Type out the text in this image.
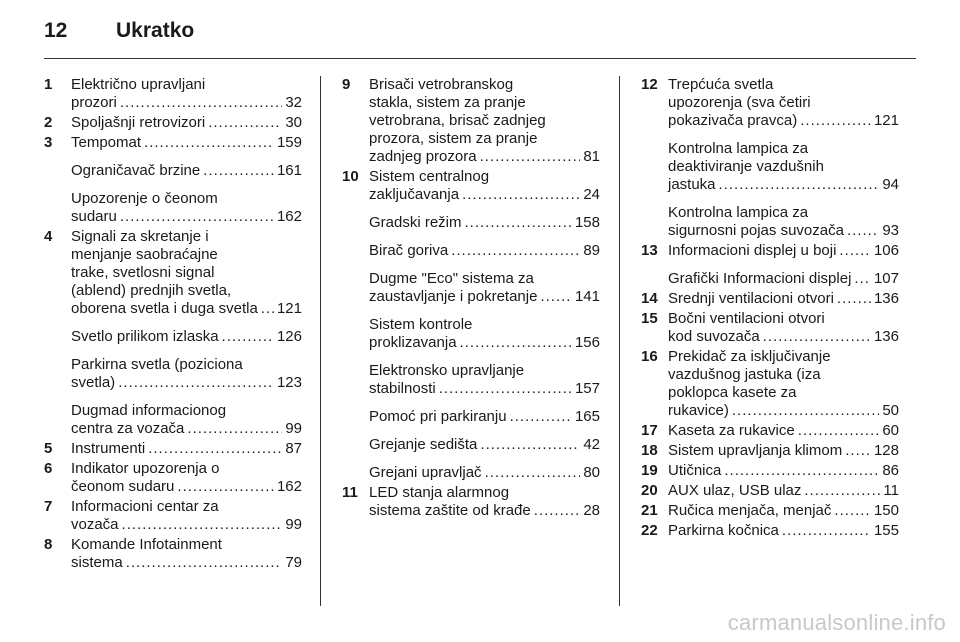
12 Ukratko
1 Električno upravljani
prozori .....	32
2 Spoljašnji retrovizori .....	30
3 Tempomat .....	159
Ograničavač brzine .....	161
Upozorenje o čeonom
sudaru .....	162
4 Signali za skretanje i
menjanje saobraćajne
trake, svetlosni signal
(ablend) prednjih svetla,
oborena svetla i duga svetla ..... 121
Svetlo prilikom izlaska .....	126
Parkirna svetla (poziciona
svetla) .....	123
Dugmad informacionog
centra za vozača .....	99
5 Instrumenti .....	87
6 Indikator upozorenja o
čeonom sudaru .....	162
7 Informacioni centar za
vozača .....	99
8 Komande Infotainment
sistema .....	79
9 Brisači vetrobranskog
stakla, sistem za pranje
vetrobrana, brisač zadnjeg
prozora, sistem za pranje
zadnjeg prozora .....	81
10 Sistem centralnog
zaključavanja .....	24
Gradski režim .....	158
Birač goriva .....	89
Dugme "Eco" sistema za
zaustavljanje i pokretanje .....	141
Sistem kontrole
proklizavanja .....	156
Elektronsko upravljanje
stabilnosti .....	157
Pomoć pri parkiranju .....	165
Grejanje sedišta .....	42
Grejani upravljač .....	80
11 LED stanja alarmnog
sistema zaštite od krađe .....	28
12 Trepćuća svetla
upozorenja (sva četiri
pokazivača pravca) .....	121
Kontrolna lampica za
deaktiviranje vazdušnih
jastuka .....	94
Kontrolna lampica za
sigurnosni pojas suvozača .....	93
13 Informacioni displej u boji .....	106
Grafički Informacioni displej ..... 107
14 Srednji ventilacioni otvori .....	136
15 Bočni ventilacioni otvori
kod suvozača .....	136
16 Prekidač za isključivanje
vazdušnog jastuka (iza
poklopca kasete za
rukavice) .....	50
17 Kaseta za rukavice .....	60
18 Sistem upravljanja klimom ..... 128
19 Utičnica .....	86
20 AUX ulaz, USB ulaz .....	11
21 Ručica menjača, menjač .....	150
22 Parkirna kočnica .....	155
carmanualsonline.info
